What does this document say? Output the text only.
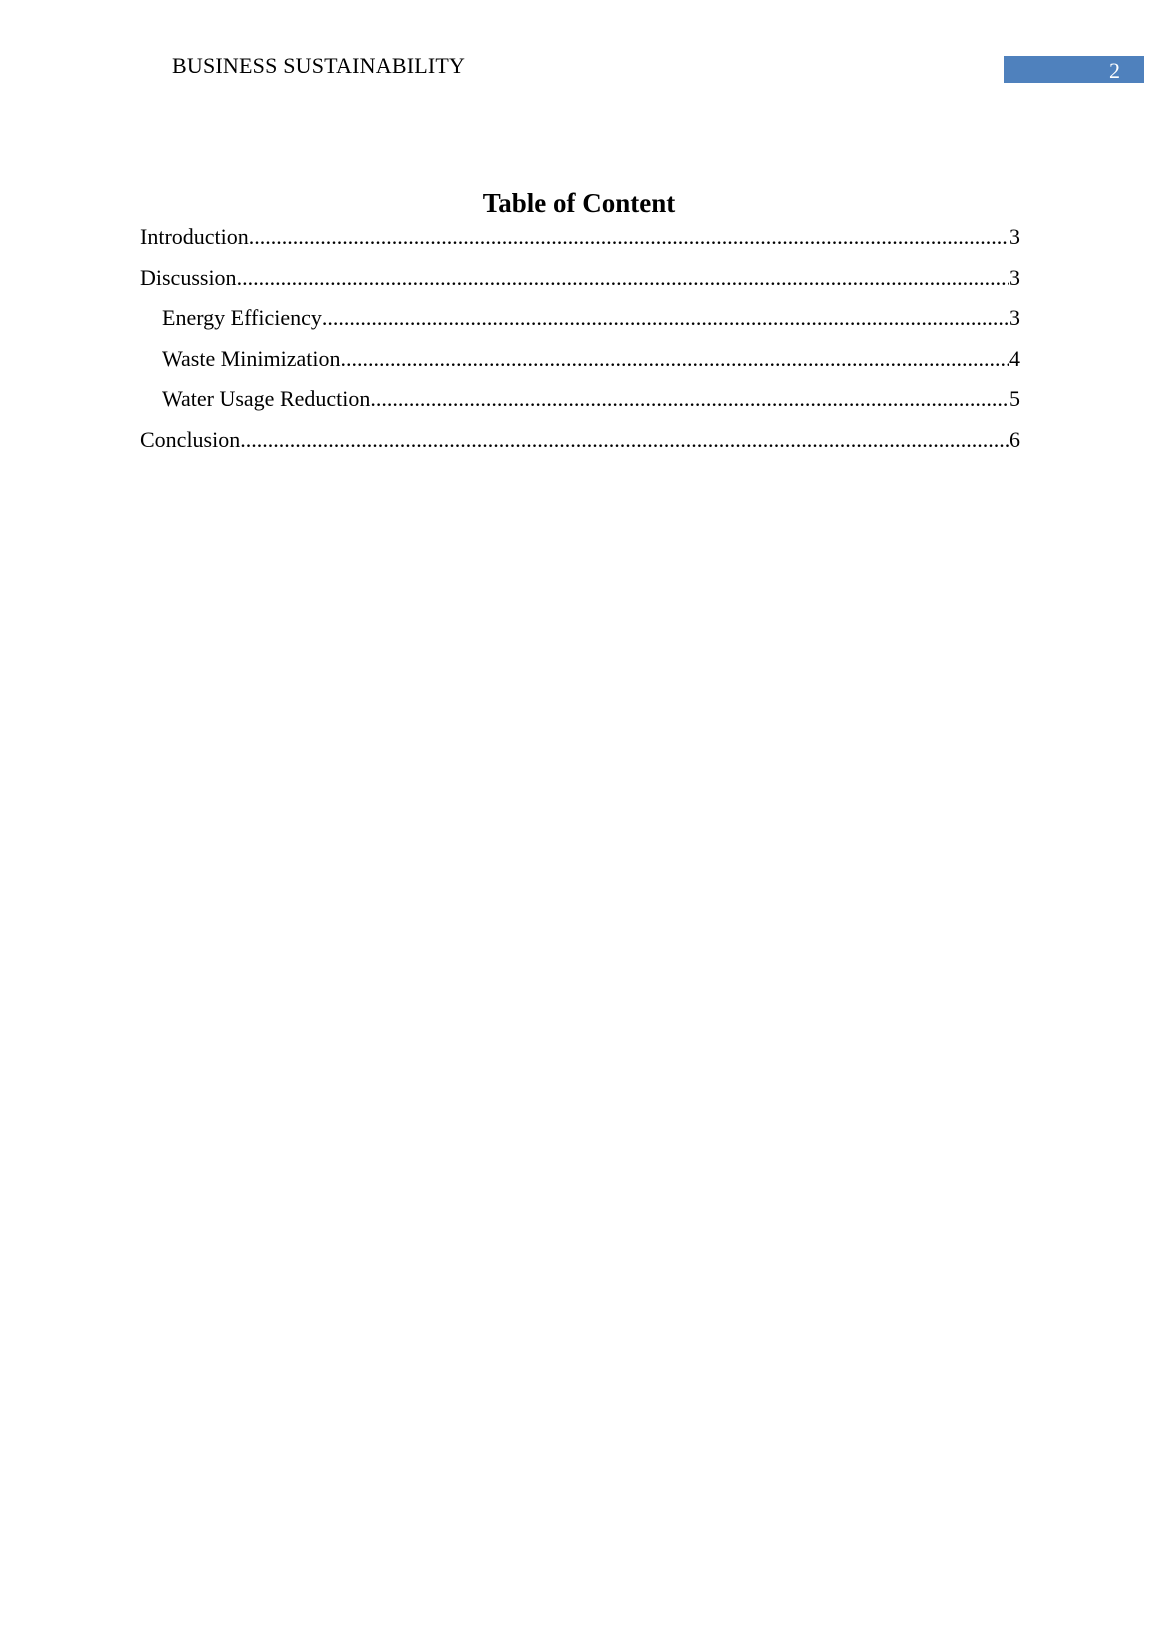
BUSINESS SUSTAINABILITY	2
Table of Content
Introduction .....	3
Discussion .....	3
Energy Efficiency .....	3
Waste Minimization .....	4
Water Usage Reduction .....	5
Conclusion .....	6
